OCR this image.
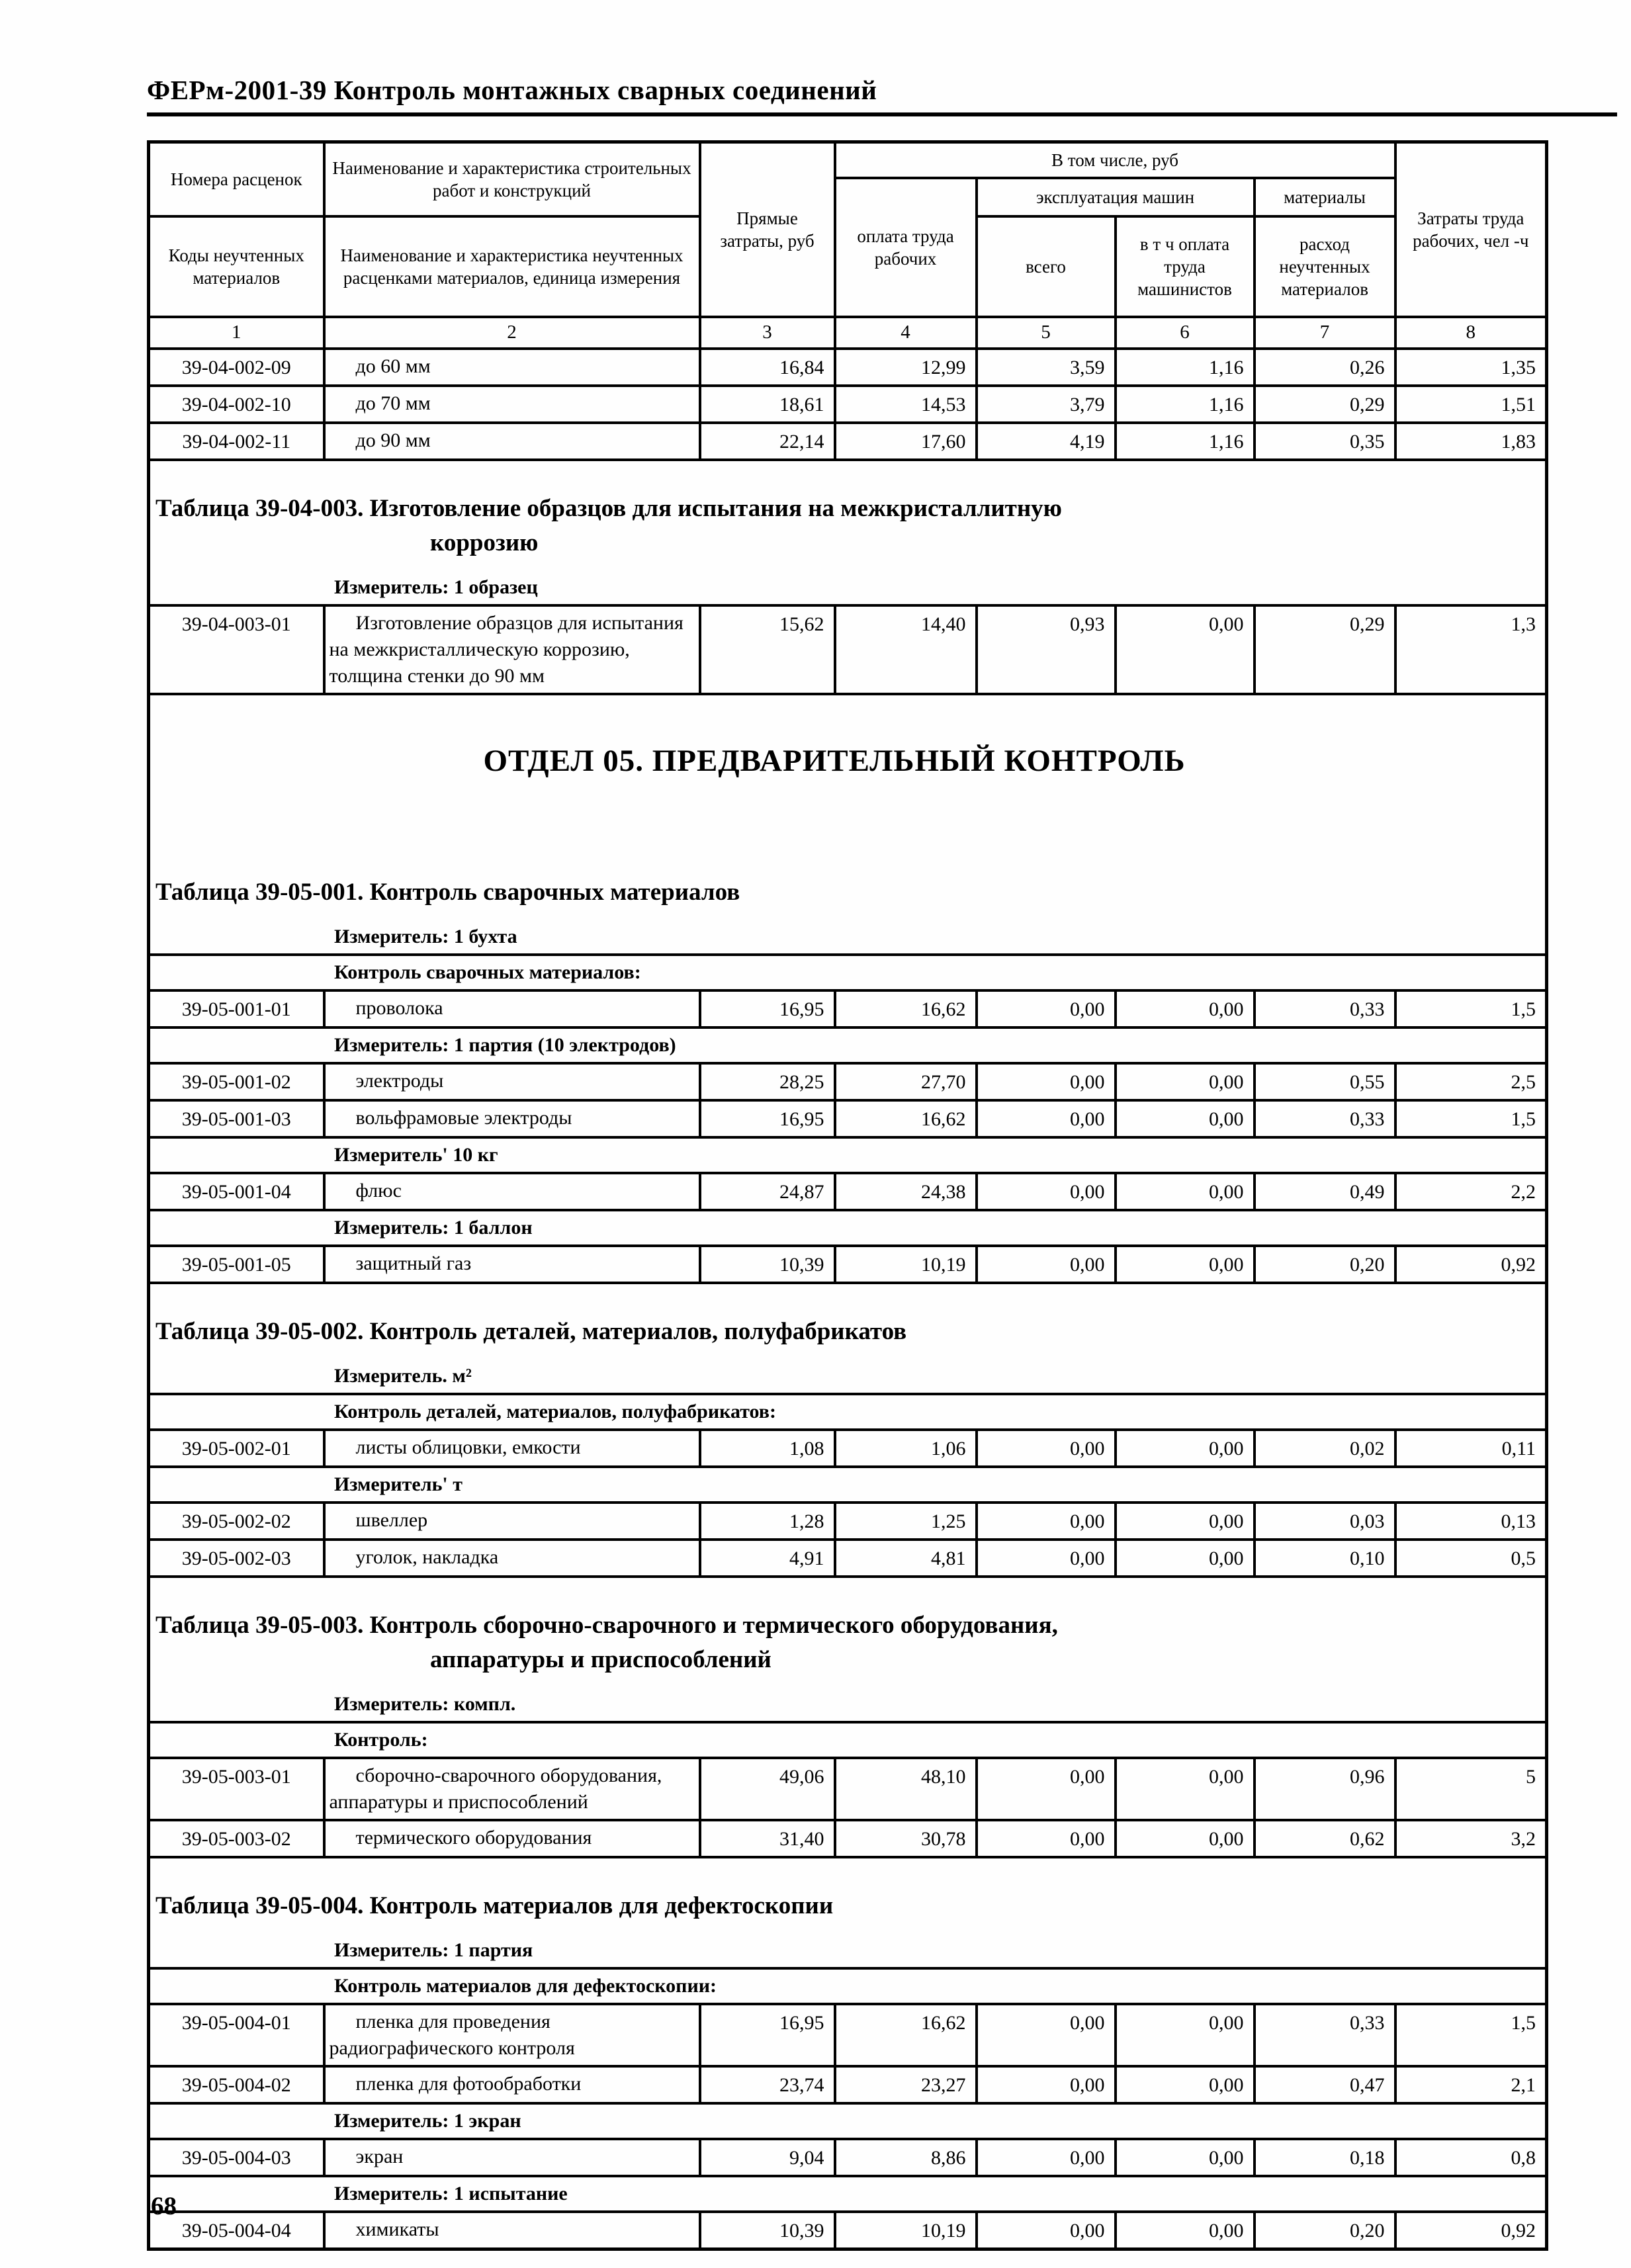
ФЕРм-2001-39 Контроль монтажных сварных соединений
Номера расценок	Наименование и характеристика строительных работ и конструкций	Прямые затраты, руб	В том числе, руб				Затраты труда рабочих, чел -ч
			оплата труда рабочих	эксплуатация машин		материалы	
Коды неучтенных материалов	Наименование и характеристика неучтенных расценками материалов, единица измерения			всего	в т ч оплата труда машинистов	расход неучтенных материалов	
1	2	3	4	5	6	7	8
39-04-002-09	до 60 мм	16,84	12,99	3,59	1,16	0,26	1,35
39-04-002-10	до 70 мм	18,61	14,53	3,79	1,16	0,29	1,51
39-04-002-11	до 90 мм	22,14	17,60	4,19	1,16	0,35	1,83

Таблица 39-04-003. Изготовление образцов для испытания на межкристаллитную
коррозию							

Измеритель: 1 образец							
39-04-003-01	Изготовление образцов для испытания на межкристаллическую коррозию, толщина стенки до 90 мм	15,62	14,40	0,93	0,00	0,29	1,3
ОТДЕЛ 05. ПРЕДВАРИТЕЛЬНЫЙ КОНТРОЛЬ							

Таблица 39-05-001. Контроль сварочных материалов							

Измеритель: 1 бухта							
Контроль сварочных материалов:							
39-05-001-01	проволока	16,95	16,62	0,00	0,00	0,33	1,5
Измеритель: 1 партия (10 электродов)							
39-05-001-02	электроды	28,25	27,70	0,00	0,00	0,55	2,5
39-05-001-03	вольфрамовые электроды	16,95	16,62	0,00	0,00	0,33	1,5
Измеритель' 10 кг							
39-05-001-04	флюс	24,87	24,38	0,00	0,00	0,49	2,2
Измеритель: 1 баллон							
39-05-001-05	защитный газ	10,39	10,19	0,00	0,00	0,20	0,92

Таблица 39-05-002. Контроль деталей, материалов, полуфабрикатов							

Измеритель. м²							
Контроль деталей, материалов, полуфабрикатов:							
39-05-002-01	листы облицовки, емкости	1,08	1,06	0,00	0,00	0,02	0,11
Измеритель' т							
39-05-002-02	швеллер	1,28	1,25	0,00	0,00	0,03	0,13
39-05-002-03	уголок, накладка	4,91	4,81	0,00	0,00	0,10	0,5

Таблица 39-05-003. Контроль сборочно-сварочного и термического оборудования,
аппаратуры и приспособлений							

Измеритель: компл.							
Контроль:							
39-05-003-01	сборочно-сварочного оборудования, аппаратуры и приспособлений	49,06	48,10	0,00	0,00	0,96	5
39-05-003-02	термического оборудования	31,40	30,78	0,00	0,00	0,62	3,2

Таблица 39-05-004. Контроль материалов для дефектоскопии							

Измеритель: 1 партия							
Контроль материалов для дефектоскопии:							
39-05-004-01	пленка для проведения радиографического контроля	16,95	16,62	0,00	0,00	0,33	1,5
39-05-004-02	пленка для фотообработки	23,74	23,27	0,00	0,00	0,47	2,1
Измеритель: 1 экран							
39-05-004-03	экран	9,04	8,86	0,00	0,00	0,18	0,8
Измеритель: 1 испытание							
39-05-004-04	химикаты	10,39	10,19	0,00	0,00	0,20	0,92
68
